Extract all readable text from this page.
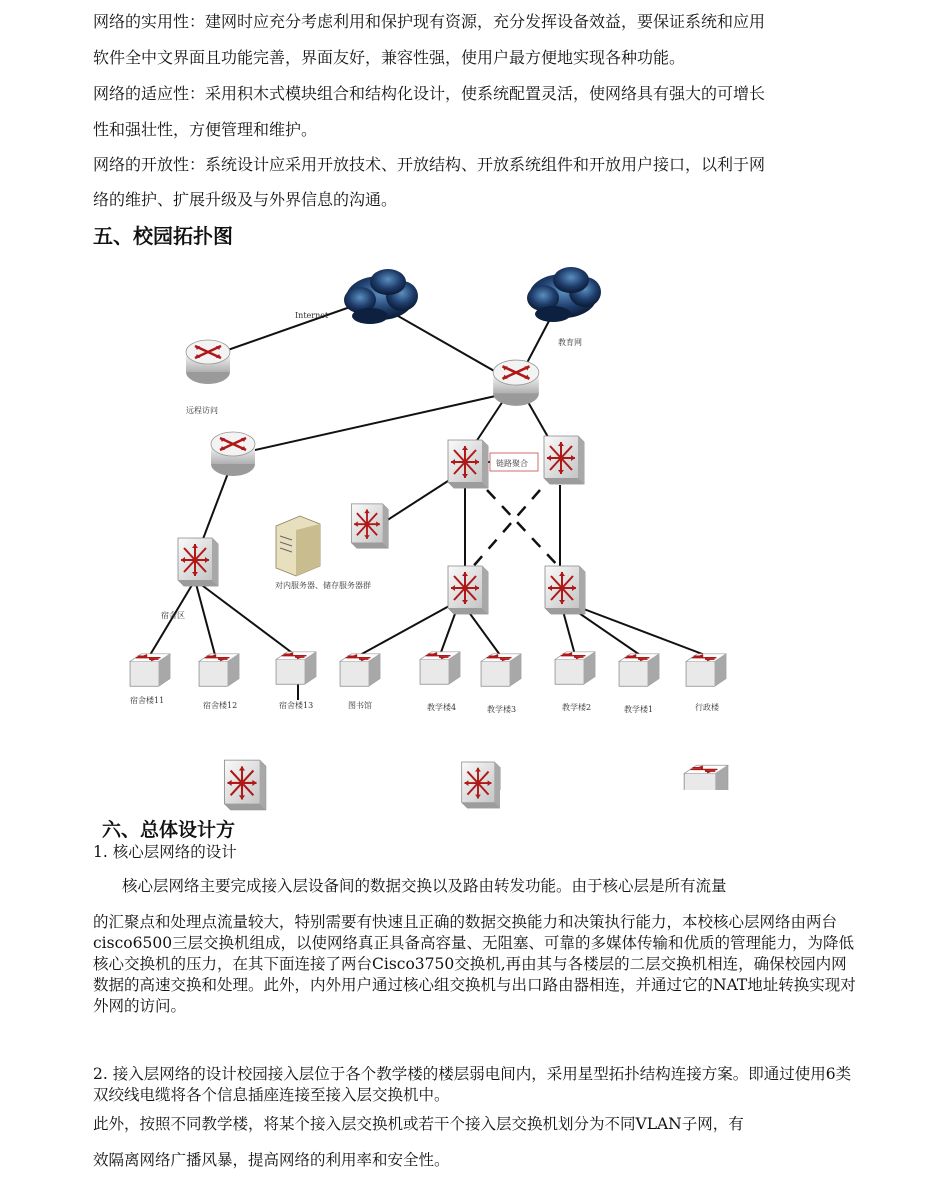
网络的实用性：建网时应充分考虑利用和保护现有资源，充分发挥设备效益，要保证系统和应用

软件全中文界面且功能完善，界面友好，兼容性强，使用户最方便地实现各种功能。

网络的适应性：采用积木式模块组合和结构化设计，使系统配置灵活，使网络具有强大的可增长

性和强壮性，方便管理和维护。

网络的开放性：系统设计应采用开放技术、开放结构、开放系统组件和开放用户接口，以利于网

络的维护、扩展升级及与外界信息的沟通。

五、校园拓扑图
Internet
教育网
远程访问
链路聚合
对内服务器、储存服务器群
宿舍区
宿舍楼11
宿舍楼12	宿舍楼13	图书馆	教学楼4	教学楼3	教学楼2	教学楼1	行政楼
六、总体设计方

1. 核心层网络的设计

核心层网络主要完成接入层设备间的数据交换以及路由转发功能。由于核心层是所有流量

的汇聚点和处理点流量较大，特别需要有快速且正确的数据交换能力和决策执行能力，本校核心层网络由两台cisco6500三层交换机组成，以使网络真正具备高容量、无阻塞、可靠的多媒体传输和优质的管理能力，为降低核心交换机的压力，在其下面连接了两台Cisco3750交换机,再由其与各楼层的二层交换机相连，确保校园内网数据的高速交换和处理。此外，内外用户通过核心组交换机与出口路由器相连，并通过它的NAT地址转换实现对外网的访问。

2. 接入层网络的设计校园接入层位于各个教学楼的楼层弱电间内，采用星型拓扑结构连接方案。即通过使用6类双绞线电缆将各个信息插座连接至接入层交换机中。

此外，按照不同教学楼，将某个接入层交换机或若干个接入层交换机划分为不同VLAN子网，有

效隔离网络广播风暴，提高网络的利用率和安全性。
